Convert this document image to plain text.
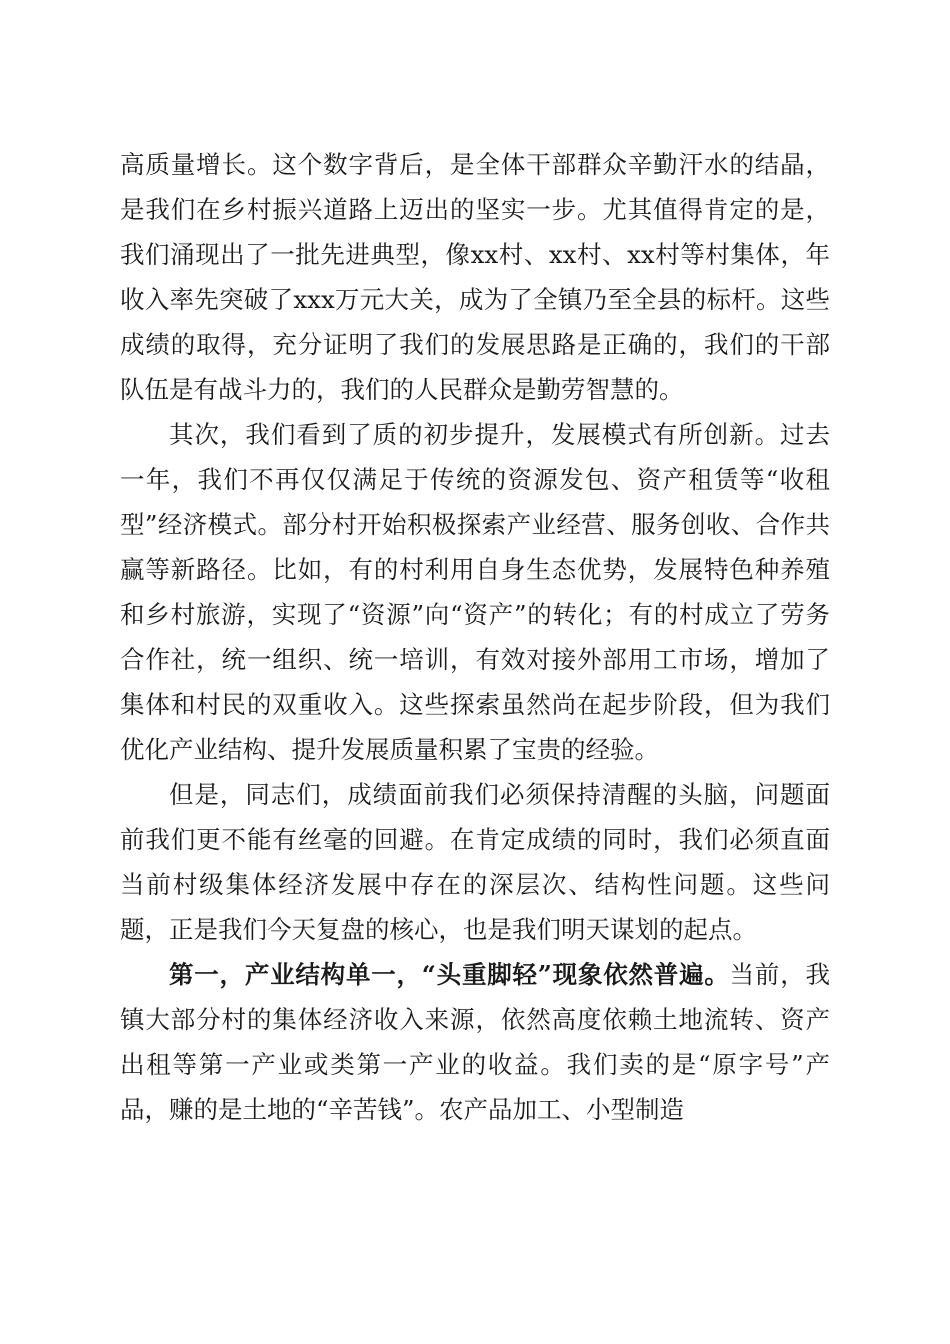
高质量增长。这个数字背后，是全体干部群众辛勤汗水的结晶，是我们在乡村振兴道路上迈出的坚实一步。尤其值得肯定的是，我们涌现出了一批先进典型，像xx村、xx村、xx村等村集体，年收入率先突破了xxx万元大关，成为了全镇乃至全县的标杆。这些成绩的取得，充分证明了我们的发展思路是正确的，我们的干部队伍是有战斗力的，我们的人民群众是勤劳智慧的。

其次，我们看到了质的初步提升，发展模式有所创新。过去一年，我们不再仅仅满足于传统的资源发包、资产租赁等“收租型”经济模式。部分村开始积极探索产业经营、服务创收、合作共赢等新路径。比如，有的村利用自身生态优势，发展特色种养殖和乡村旅游，实现了“资源”向“资产”的转化；有的村成立了劳务合作社，统一组织、统一培训，有效对接外部用工市场，增加了集体和村民的双重收入。这些探索虽然尚在起步阶段，但为我们优化产业结构、提升发展质量积累了宝贵的经验。

但是，同志们，成绩面前我们必须保持清醒的头脑，问题面前我们更不能有丝毫的回避。在肯定成绩的同时，我们必须直面当前村级集体经济发展中存在的深层次、结构性问题。这些问题，正是我们今天复盘的核心，也是我们明天谋划的起点。

第一，产业结构单一，“头重脚轻”现象依然普遍。当前，我镇大部分村的集体经济收入来源，依然高度依赖土地流转、资产出租等第一产业或类第一产业的收益。我们卖的是“原字号”产品，赚的是土地的“辛苦钱”。农产品加工、小型制造
